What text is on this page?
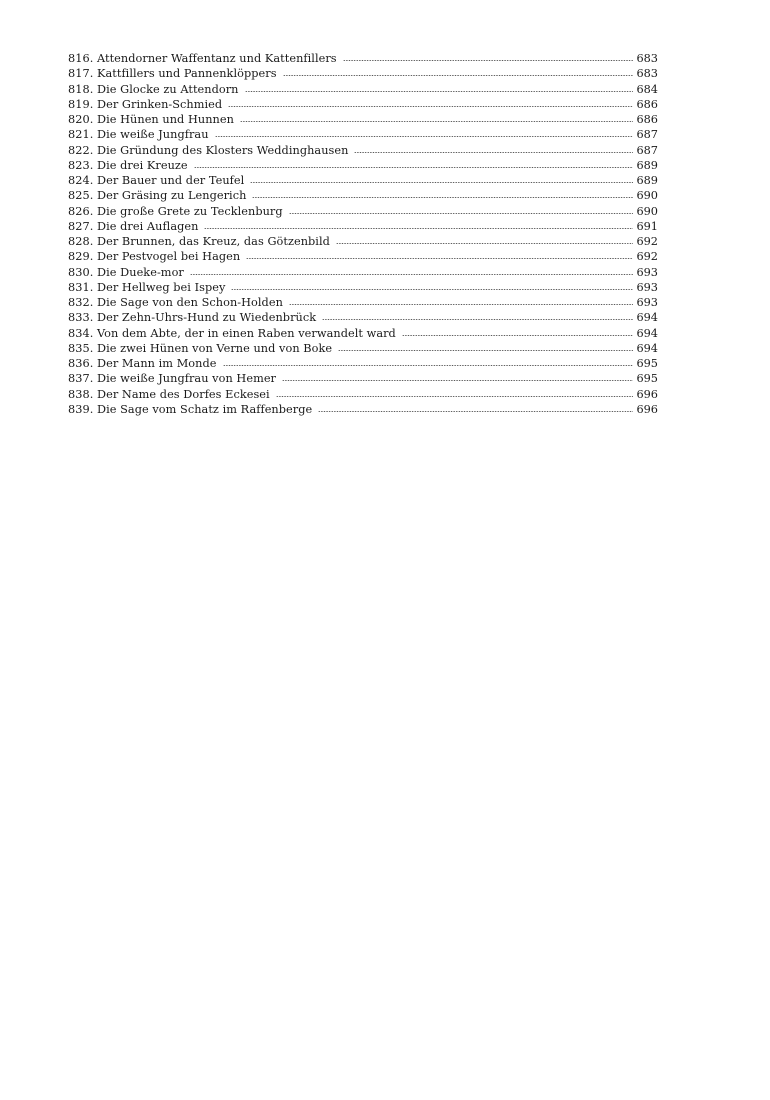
816. Attendorner Waffentanz und Kattenfillers	683
817. Kattfillers und Pannenklöppers	683
818. Die Glocke zu Attendorn	684
819. Der Grinken-Schmied	686
820. Die Hünen und Hunnen	686
821. Die weiße Jungfrau	687
822. Die Gründung des Klosters Weddinghausen	687
823. Die drei Kreuze	689
824. Der Bauer und der Teufel	689
825. Der Gräsing zu Lengerich	690
826. Die große Grete zu Tecklenburg	690
827. Die drei Auflagen	691
828. Der Brunnen, das Kreuz, das Götzenbild	692
829. Der Pestvogel bei Hagen	692
830. Die Dueke-mor	693
831. Der Hellweg bei Ispey	693
832. Die Sage von den Schon-Holden	693
833. Der Zehn-Uhrs-Hund zu Wiedenbrück	694
834. Von dem Abte, der in einen Raben verwandelt ward	694
835. Die zwei Hünen von Verne und von Boke	694
836. Der Mann im Monde	695
837. Die weiße Jungfrau von Hemer	695
838. Der Name des Dorfes Eckesei	696
839. Die Sage vom Schatz im Raffenberge	696
